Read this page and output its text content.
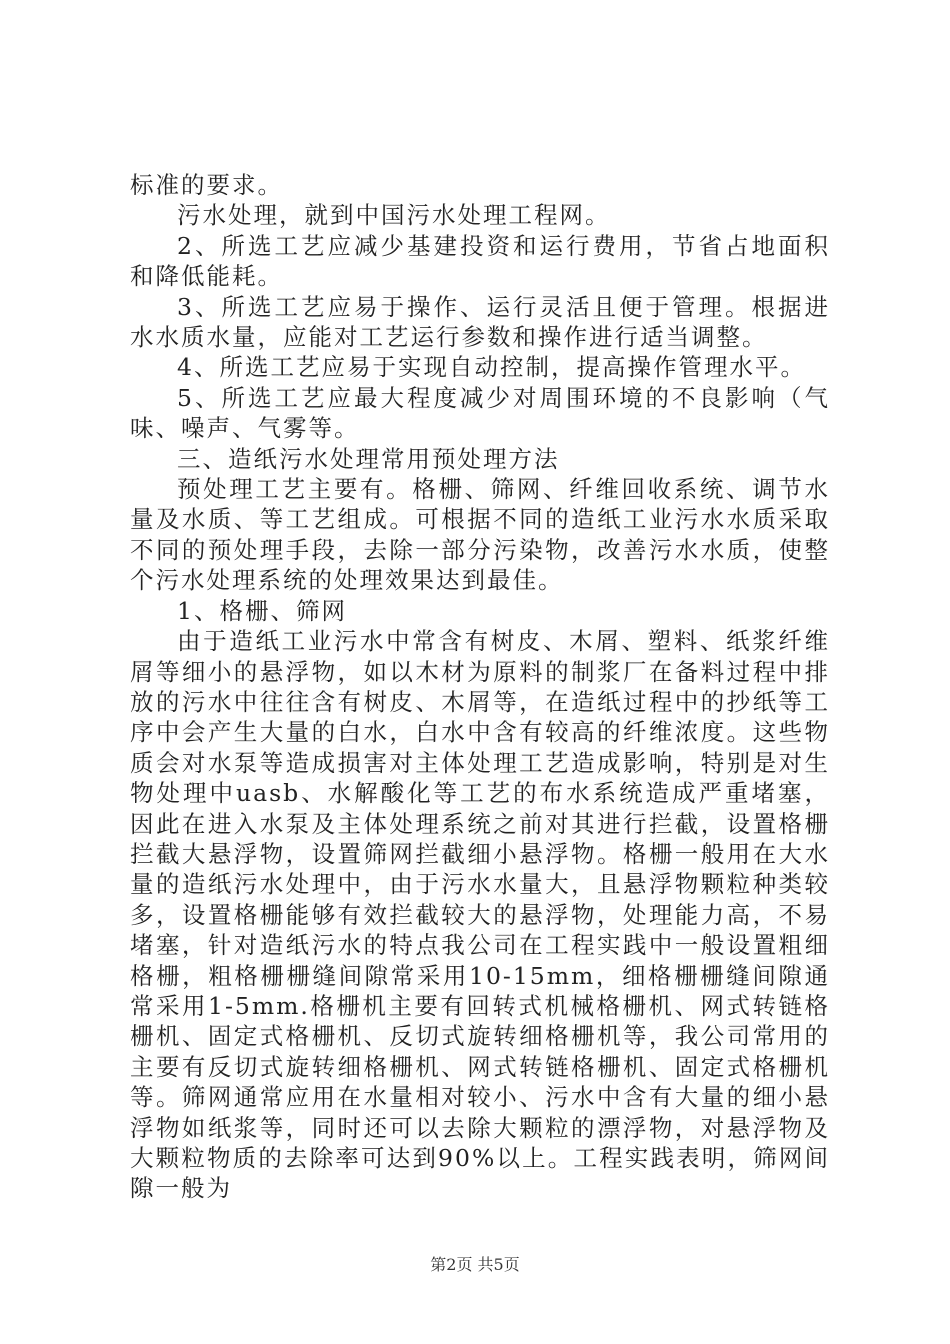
标准的要求。

污水处理，就到中国污水处理工程网。

2、所选工艺应减少基建投资和运行费用，节省占地面积和降低能耗。

3、所选工艺应易于操作、运行灵活且便于管理。根据进水水质水量，应能对工艺运行参数和操作进行适当调整。

4、所选工艺应易于实现自动控制，提高操作管理水平。

5、所选工艺应最大程度减少对周围环境的不良影响（气味、噪声、气雾等。

三、造纸污水处理常用预处理方法

预处理工艺主要有。格栅、筛网、纤维回收系统、调节水量及水质、等工艺组成。可根据不同的造纸工业污水水质采取不同的预处理手段，去除一部分污染物，改善污水水质，使整个污水处理系统的处理效果达到最佳。

1、格栅、筛网

由于造纸工业污水中常含有树皮、木屑、塑料、纸浆纤维屑等细小的悬浮物，如以木材为原料的制浆厂在备料过程中排放的污水中往往含有树皮、木屑等，在造纸过程中的抄纸等工序中会产生大量的白水，白水中含有较高的纤维浓度。这些物质会对水泵等造成损害对主体处理工艺造成影响，特别是对生物处理中uasb、水解酸化等工艺的布水系统造成严重堵塞，因此在进入水泵及主体处理系统之前对其进行拦截，设置格栅拦截大悬浮物，设置筛网拦截细小悬浮物。格栅一般用在大水量的造纸污水处理中，由于污水水量大，且悬浮物颗粒种类较多，设置格栅能够有效拦截较大的悬浮物，处理能力高，不易堵塞，针对造纸污水的特点我公司在工程实践中一般设置粗细格栅，粗格栅栅缝间隙常采用10-15mm，细格栅栅缝间隙通常采用1-5mm.格栅机主要有回转式机械格栅机、网式转链格栅机、固定式格栅机、反切式旋转细格栅机等，我公司常用的主要有反切式旋转细格栅机、网式转链格栅机、固定式格栅机等。筛网通常应用在水量相对较小、污水中含有大量的细小悬浮物如纸浆等，同时还可以去除大颗粒的漂浮物，对悬浮物及大颗粒物质的去除率可达到90%以上。工程实践表明，筛网间隙一般为

第2页 共5页
